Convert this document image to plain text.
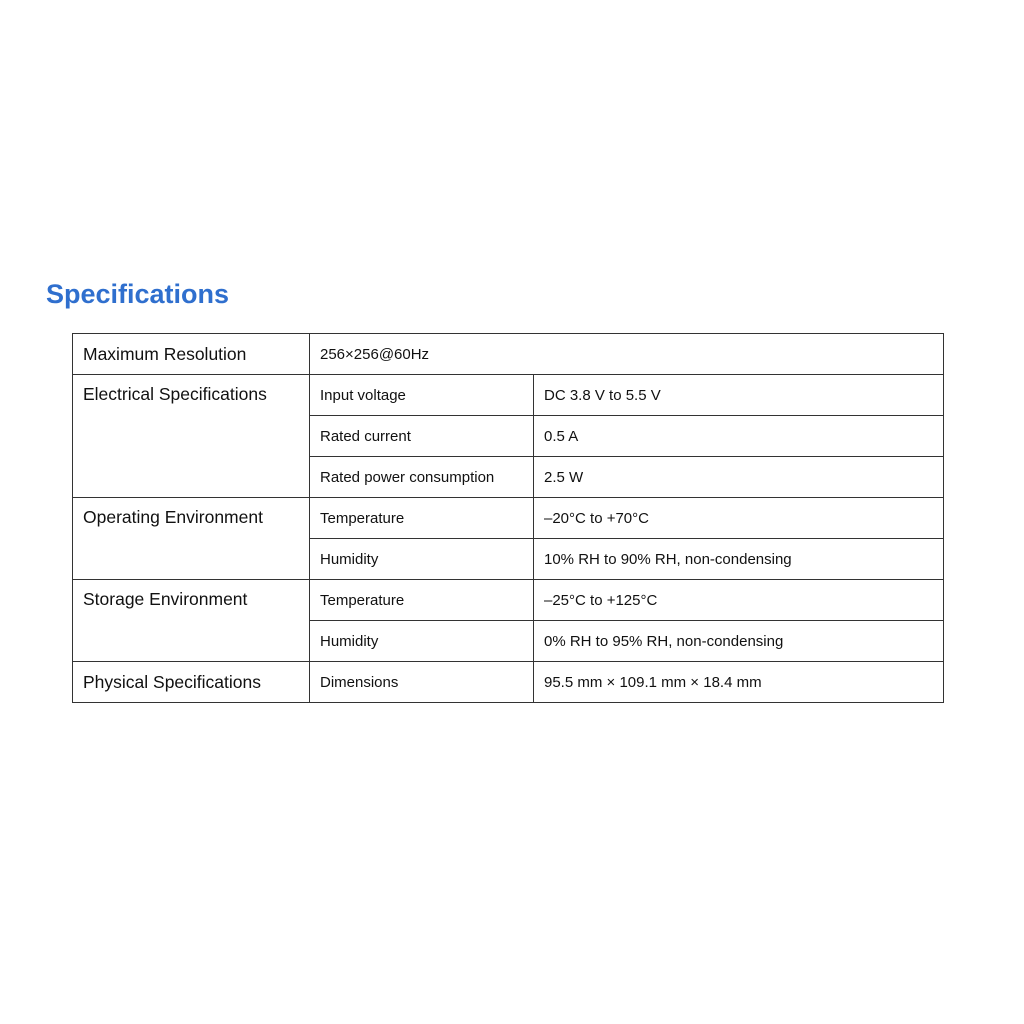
Specifications
Maximum Resolution	256×256@60Hz	
Electrical Specifications	Input voltage	DC 3.8 V to 5.5 V
	Rated current	0.5 A
	Rated power consumption	2.5 W
Operating Environment	Temperature	–20°C to +70°C
	Humidity	10% RH to 90% RH, non-condensing
Storage Environment	Temperature	–25°C to +125°C
	Humidity	0% RH to 95% RH, non-condensing
Physical Specifications	Dimensions	95.5 mm × 109.1 mm × 18.4 mm
